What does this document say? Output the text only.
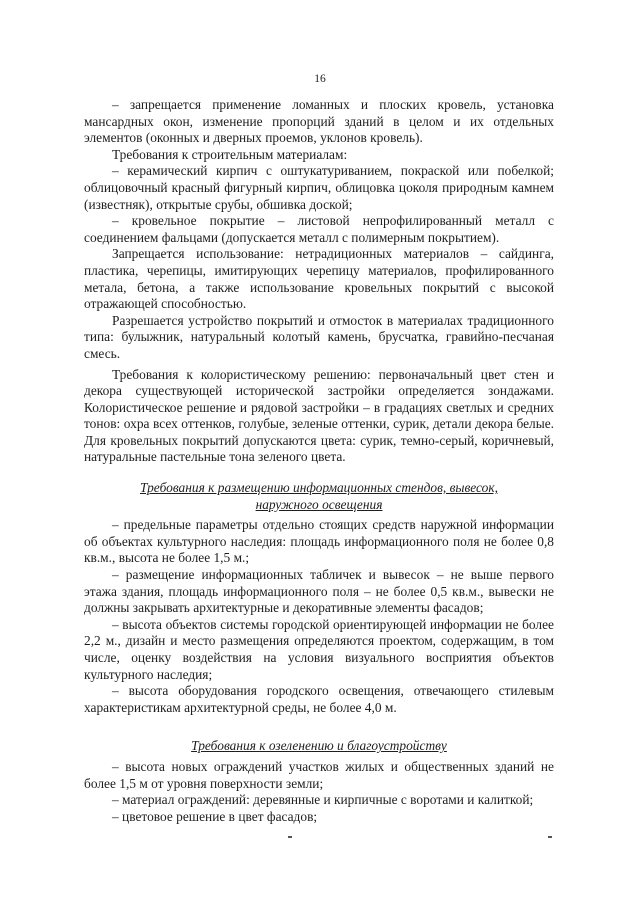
16

– запрещается применение ломанных и плоских кровель, установка мансардных окон, изменение пропорций зданий в целом и их отдельных элементов (оконных и дверных проемов, уклонов кровель).

Требования к строительным материалам:

– керамический кирпич с оштукатуриванием, покраской или побелкой; облицовочный красный фигурный кирпич, облицовка цоколя природным камнем (известняк), открытые срубы, обшивка доской;

– кровельное покрытие – листовой непрофилированный металл с соединением фальцами (допускается металл с полимерным покрытием).

Запрещается использование: нетрадиционных материалов – сайдинга, пластика, черепицы, имитирующих черепицу материалов, профилированного метала, бетона, а также использование кровельных покрытий с высокой отражающей способностью.

Разрешается устройство покрытий и отмосток в материалах традиционного типа: булыжник, натуральный колотый камень, брусчатка, гравийно-песчаная смесь.

Требования к колористическому решению: первоначальный цвет стен и декора существующей исторической застройки определяется зондажами. Колористическое решение и рядовой застройки – в градациях светлых и средних тонов: охра всех оттенков, голубые, зеленые оттенки, сурик, детали декора белые. Для кровельных покрытий допускаются цвета: сурик, темно-серый, коричневый, натуральные пастельные тона зеленого цвета.

Требования к размещению информационных стендов, вывесок,
наружного освещения

– предельные параметры отдельно стоящих средств наружной информации об объектах культурного наследия: площадь информационного поля не более 0,8 кв.м., высота не более 1,5 м.;

– размещение информационных табличек и вывесок – не выше первого этажа здания, площадь информационного поля – не более 0,5 кв.м., вывески не должны закрывать архитектурные и декоративные элементы фасадов;

– высота объектов системы городской ориентирующей информации не более 2,2 м., дизайн и место размещения определяются проектом, содержащим, в том числе, оценку воздействия на условия визуального восприятия объектов культурного наследия;

– высота оборудования городского освещения, отвечающего стилевым характеристикам архитектурной среды, не более 4,0 м.

Требования к озеленению и благоустройству

– высота новых ограждений участков жилых и общественных зданий не более 1,5 м от уровня поверхности земли;

– материал ограждений: деревянные и кирпичные с воротами и калиткой;

– цветовое решение в цвет фасадов;
